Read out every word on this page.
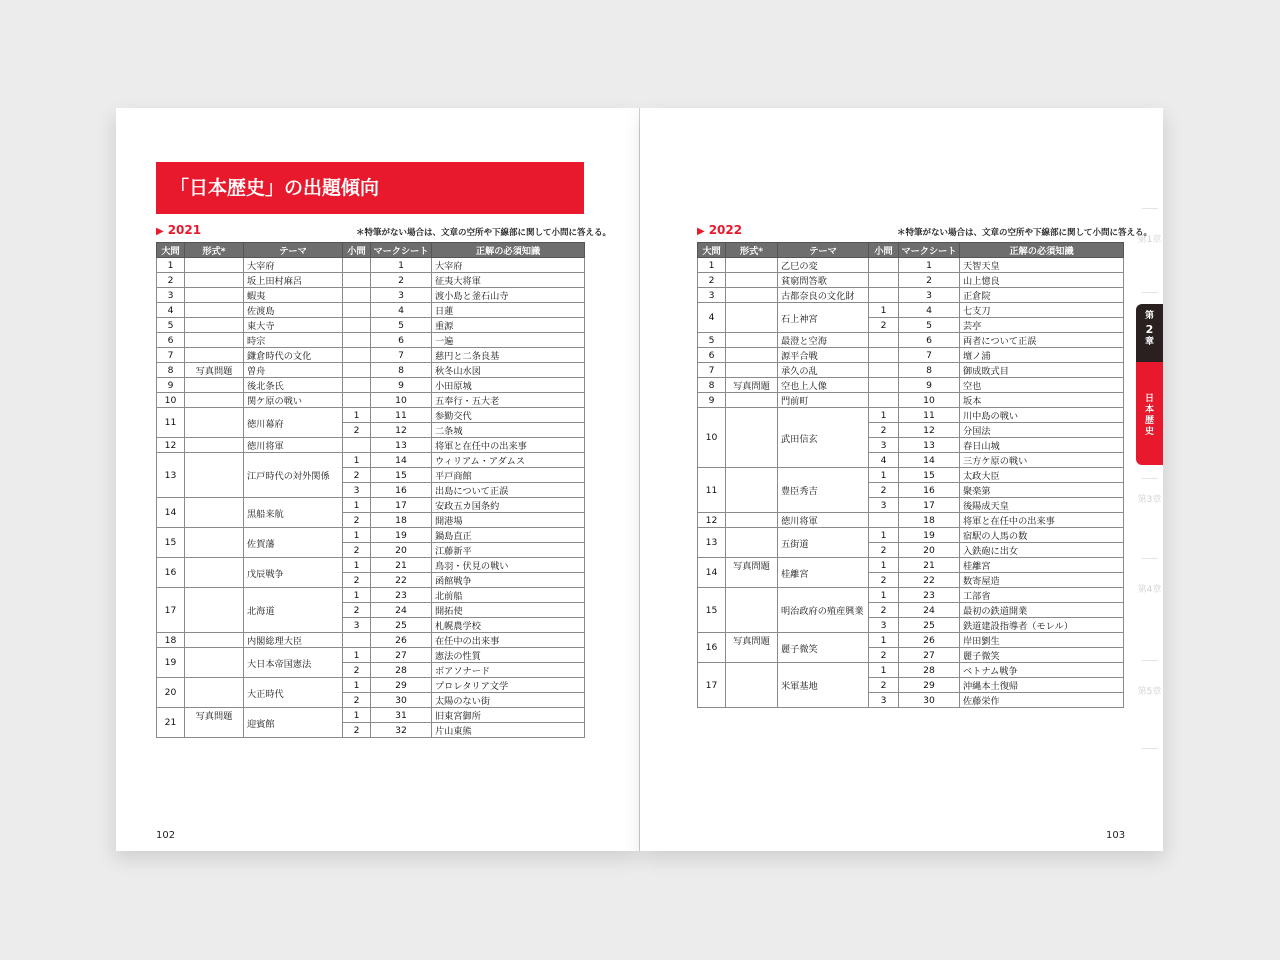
「日本歴史」の出題傾向
▶ 2021	＊特筆がない場合は、文章の空所や下線部に関して小問に答える。
大問	形式*	テーマ	小問	マークシート	正解の必須知識
1		大宰府		1	大宰府
2		坂上田村麻呂		2	征夷大将軍
3		蝦夷		3	渡小島と釜石山寺
4		佐渡島		4	日蓮
5		東大寺		5	重源
6		時宗		6	一遍
7		鎌倉時代の文化		7	慈円と二条良基
8	写真問題	曽舟		8	秋冬山水図
9		後北条氏		9	小田原城
10		関ケ原の戦い		10	五奉行・五大老
11		徳川幕府	1	11	参勤交代
			2	12	二条城
12		徳川将軍		13	将軍と在任中の出来事
13		江戸時代の対外関係	1	14	ウィリアム・アダムス
			2	15	平戸商館
			3	16	出島について正誤
14		黒船来航	1	17	安政五カ国条約
			2	18	開港場
15		佐賀藩	1	19	鍋島直正
			2	20	江藤新平
16		戊辰戦争	1	21	鳥羽・伏見の戦い
			2	22	函館戦争
17		北海道	1	23	北前船
			2	24	開拓使
			3	25	札幌農学校
18		内閣総理大臣		26	在任中の出来事
19		大日本帝国憲法	1	27	憲法の性質
			2	28	ボアソナード
20		大正時代	1	29	プロレタリア文学
			2	30	太陽のない街
21	写真問題	迎賓館	1	31	旧東宮御所
			2	32	片山東熊
102
▶ 2022	＊特筆がない場合は、文章の空所や下線部に関して小問に答える。
大問	形式*	テーマ	小問	マークシート	正解の必須知識
1		乙巳の変		1	天智天皇
2		貧窮問答歌		2	山上憶良
3		古都奈良の文化財		3	正倉院
4		石上神宮	1	4	七支刀
			2	5	芸亭
5		最澄と空海		6	両者について正誤
6		源平合戦		7	壇ノ浦
7		承久の乱		8	御成敗式目
8	写真問題	空也上人像		9	空也
9		門前町		10	坂本
10		武田信玄	1	11	川中島の戦い
			2	12	分国法
			3	13	春日山城
			4	14	三方ケ原の戦い
11		豊臣秀吉	1	15	太政大臣
			2	16	聚楽第
			3	17	後陽成天皇
12		徳川将軍		18	将軍と在任中の出来事
13		五街道	1	19	宿駅の人馬の数
			2	20	入鉄砲に出女
14	写真問題	桂離宮	1	21	桂離宮
			2	22	数寄屋造
15		明治政府の殖産興業	1	23	工部省
			2	24	最初の鉄道開業
			3	25	鉄道建設指導者（モレル）
16	写真問題	麗子微笑	1	26	岸田劉生
			2	27	麗子微笑
17		米軍基地	1	28	ベトナム戦争
			2	29	沖縄本土復帰
			3	30	佐藤栄作
103
第1章
第
2
章
日
本
歴
史
第3章
第4章
第5章
